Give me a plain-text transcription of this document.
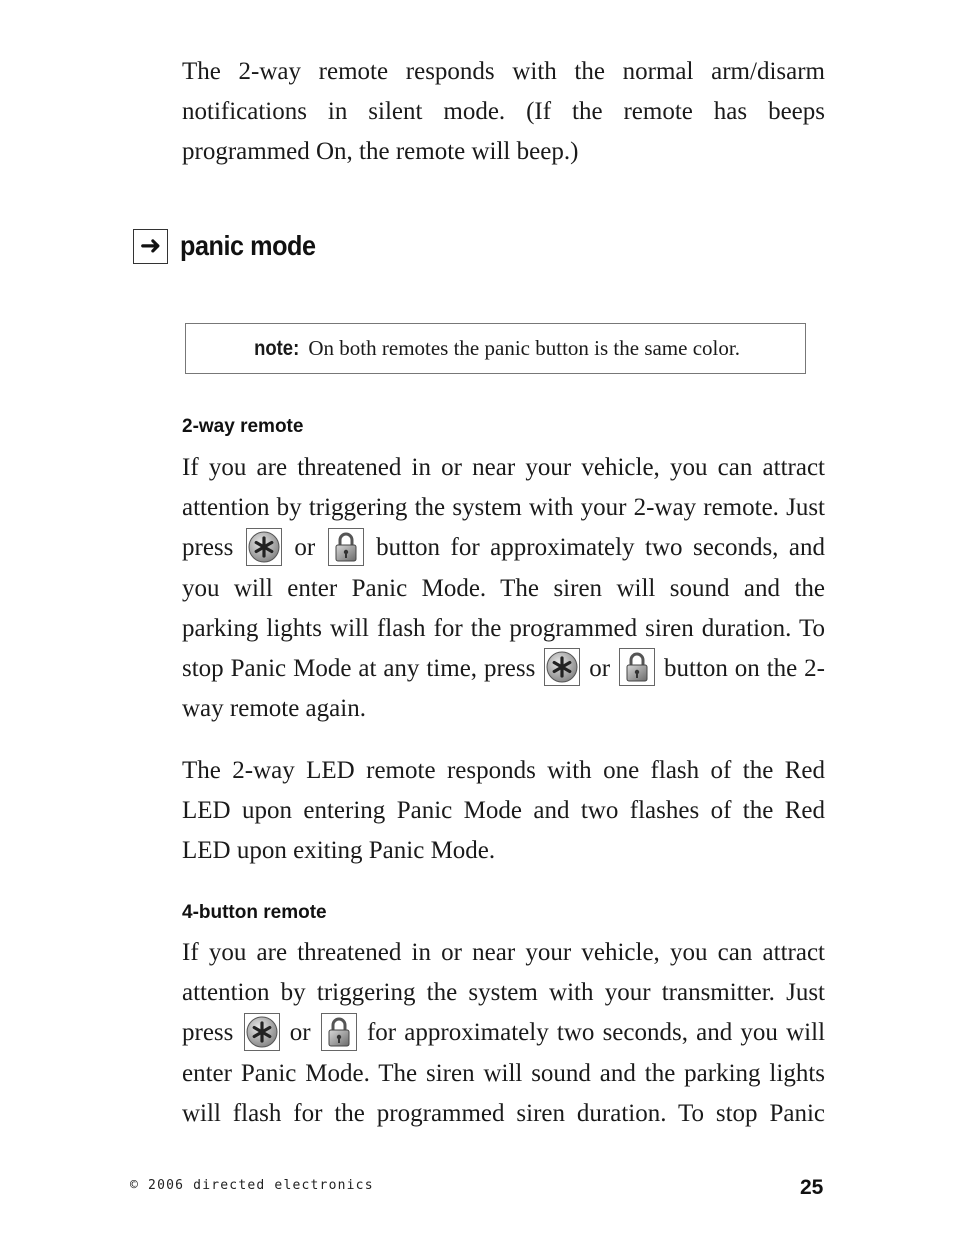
The 2-way remote responds with the normal arm/disarm notifications in silent mode. (If the remote has beeps programmed On, the remote will beep.)

➜ panic mode
note: On both remotes the panic button is the same color.
2-way remote

If you are threatened in or near your vehicle, you can attract attention by triggering the system with your 2-way remote. Just press or button for approximately two seconds, and you will enter Panic Mode. The siren will sound and the parking lights will flash for the programmed siren duration. To stop Panic Mode at any time, press or button on the 2-way remote again.

The 2-way LED remote responds with one flash of the Red LED upon entering Panic Mode and two flashes of the Red LED upon exiting Panic Mode.

4-button remote

If you are threatened in or near your vehicle, you can attract attention by triggering the system with your transmitter. Just press or for approximately two seconds, and you will enter Panic Mode. The siren will sound and the parking lights will flash for the programmed siren duration. To stop Panic

© 2006 directed electronics	25
